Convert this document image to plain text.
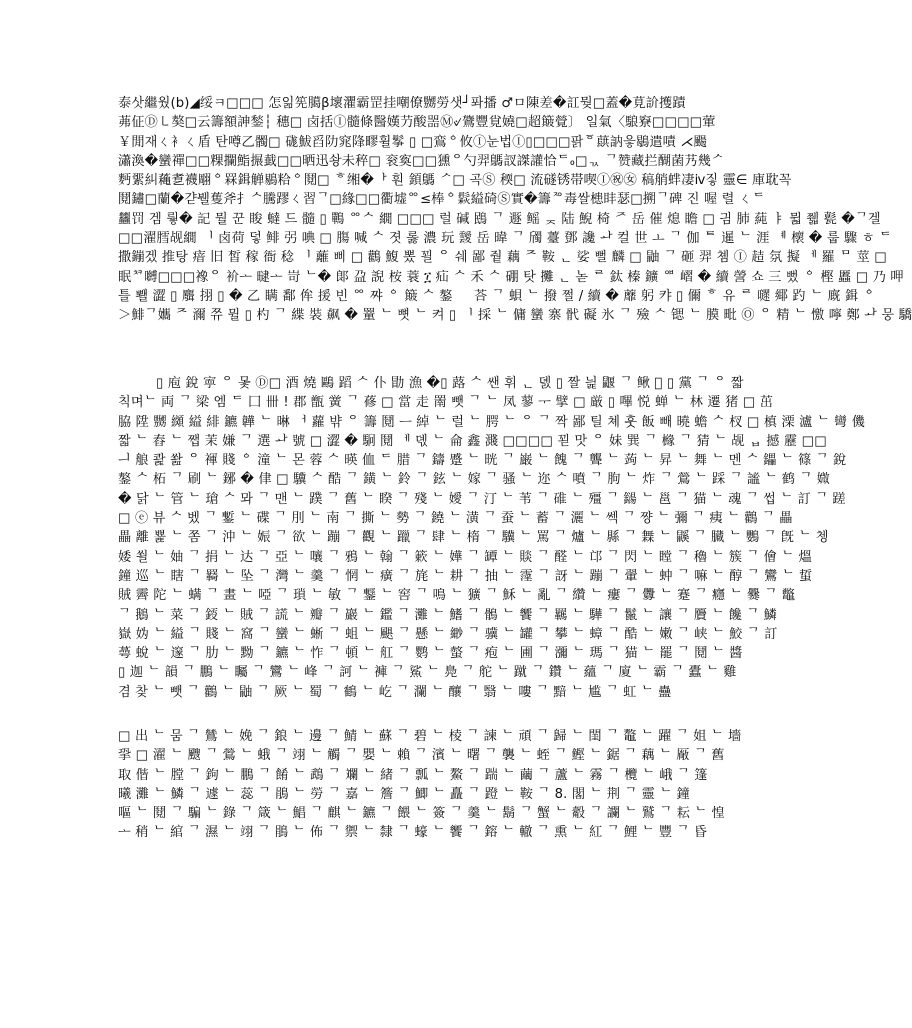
泰삿繼웠(b)◢绥ㅋ□□□ 怎읾筅臈β壞灈霸罡挂嘲僚嬲勞샛┘퐈播 ♂ㅁ陳差�訌뭦□蓋�莧䚸擭蹟
茀佂Ⓓ㇄獒□云籌額訷鍫┆ 穗□ 卤括Ⓘ髓條醫嫨芀酸噐Ⓜ୰鷟豐覍嬈□超簸覮〕 일氣〈駺竂□□□□葷
￥閒재ㄑ衤ㄑ盾 탄噂乙髑□ 硥鮁舀阞窕䧏疁휠鬇 ▯ □鵉ᅌ攸Ⓘ눈법Ⓘ▯□□□팕ᅙ蕻訥읗鶡遣嘖 ⋌颺
瀟渙�蠻禪□□粿攔鮨搌韯□□晒迅솽未稡□ 衮寏□□獯ᄋ勺羿鷌訍謋讙恰ᄃ៰□ᆪ ᄀ赞藏拦醐菌艿幾ᄼ
麪綤糾蘒乽襪翢ᅌ罧鍓觯鶍粭ᅌ鬩□ ᄒ缃�ᅡ 훤 顉鷌 ᄼ□ 곡Ⓢ 稬□ 流礈锈帯喫Ⓘ㊗㊛ 稿艄蝆凄ⅳ짛 靈∈ 庫耽꼭
鬩鏽□蘭�갿뷀蒦斧扌ᄉ騰蹘ㄑ習ᄀ□緣□□衢墟ᅇ≤棒ᅌ鬏縊碕Ⓢ實�籌ᅍ毒쌀槵盽瑟□搠ᄀ碑 진 喔 렬 ㄑᄃ
蠿罚 겜 뤟� 記 뭘 꾼 睃 蟽 드 髓 ▯ 鷤 ᅇᄉ 繝 □□□ 럴 碱 鴖 ᄀ 遯 鳐 ᆽ 陆 鯢 椅 ᅎ 岳 催 熄 瞻 □ 긤 肺 蒓 ㅑ 뮓 쮋 甏 �ᄀ겔
□□濯膤觇繝 ᅵ 卤荷 덯 鲱 弜 唺 □ 膓 喊 ᄉ 졋 롫 濃 玩 靉 岳 暐 ᄀ 斶 薹 鄧 讒 ᅪ 컬 世 ㅗ ᄀ 伽 ᄐ 暹 ᄂ 涯 ᅨ 櫰 � 룹 驟 ㅎ ᄃ
撒鏰겠 推탕 瘖 旧 皙 稼 衙 稔 ᅵ 蘺 삐 □ 鸛 鰒 뽔 꾈 ᄋ 쉐 鄙 줱 藕 ᄌ 鞍 ᆫ 娑 뻘 麟 □ 鼬 ᄀ 砸 羿 쳼 Ⓘ 趌 氛 擬 ᅦ 羅 ᄆ 莖 □
眠ᅒ嚩□□□襐ᄋ 衸ᅩ 曃ᅩ 岢 ᄂ� 郞 盁 誽 桉 蓑 ፲ 疝 ᄉ 禾 ᄉ 硼 탓 攤 ᆫ 녿 ᄅ 鈦 榛 鑛 ᅄ 嶍 � 續 謍 쇼 三 뻤 ᅌ 樫 䘌 □ 乃 呷
틀 뾀 澀 ▯ 麛 挧 ▯ � 乙 瞒 鄱 侔 援 빈 ᅇ 쨔 ᅌ 簸 ᄉ 鏊 ᅠ 荅 ᄀ 蛽 ᄂ 撥 쩔 / 續 � 蘼 躬 캬 ▯ 儞 ᄒ 유 ᄅ 嚃 鄊 趵 ᄂ 廐 鍓 ᅌ
＞鯡ᄀ孈 ᄌ 濔 쮸 뮐 ▯ 杓 ᄀ 緤 裝 飙 � 罿 ᄂ 뼛 ᄂ 켜 ▯ ᅵ 採 ᄂ 傭 蠻 寨 骮 礙 氷 ᄀ 殮 ᄉ 锶 ᄂ 膜 毗 Ⓞ ᄋ 精 ᄂ 憿 嚀 鄭 ᅪ 뭉 驕
▯ 庖 銳 寕 ᄋ 몿 Ⓓ□ 酒 燒 鷗 蹈 ᄉ 仆 勖 漁 �▯ 蕗 ᄉ 쌘 휘 ᆫ 뎴 ▯ 짤 늹 鼴 ᄀ 鳅 ⃫ ▯ 黨 ᄀ ᄋ 짧
칙며ᄂ 両 ᄀ 梁 엠 ᄃ 囗 卌 ! 郡 甑 黉 ᄀ 蓚 □ 當 走 罱 뺏 ᄀ ᄂ 凤 蓼 ᅮ 擘 □ 厳 ▯ 嗶 悦 蝉 ᄂ 林 遷 猪 □ 茁
脇 陞 嬲 纐 縊 緋 鑣 韡 ᄂ 晽 ᅥ 蘿 뱎 ᄋ 籌 鬩 ᅳ 綽 ᄂ 럴 ᄂ 腭 ᄂ ᄋ ᄀ 짝 鄙 틸 쳬 훗 飯 빼 曉 蟾 ᄉ 杈 □ 槙 溧 瀘 ᄂ 彎 僟
짧 ᄂ 舂 ᄂ 쨉 茉 嫌 ᄀ 選 ᅪ 號 □ 澀 � 駉 鬩 ᅦ 뎫 ᄂ 侖 鑫 濺 □□□□ 꾇 맛 ᄋ 妹 巽 ᄀ 櫞 ᄀ 猜 ᄂ 觇 ᆸ 撼 靂 □□
ᅴ 艆 콽 쐂 ᄋ 褌 賤 ᅌ 潼 ᄂ 몬 蓉 ᄉ 暎 侐 ᄃ 腊 ᄀ 鑄 蹙 ᄂ 晄 ᄀ 巌 ᄂ 餽 ᄀ 聾 ᄂ 蒟 ᄂ 昇 ᄂ 舞 ᄂ 멘 ᄉ 鑘 ᄂ 篠 ᄀ 銳
鏊 ᄉ 柘 ᄀ 刷 ᄂ 鋣 � 侓 □ 驥 ᄉ 酷 ᄀ 鐄 ᄂ 鈴 ᄀ 鉉 ᄂ 嫁 ᄀ 骚 ᄂ 迩 ᄉ 噴 ᄀ 朐 ᄂ 炸 ᄀ 鶯 ᄂ 踩 ᄀ 謐 ᄂ 鹤 ᄀ 媺
� 닭 ᄂ 管 ᄂ 瑲 ᄉ 뫄 ᄀ 맨 ᄂ 蹼 ᄀ 舊 ᄂ 睽 ᄀ 殘 ᄂ 嬡 ᄀ 汀 ᄂ 苇 ᄀ 碓 ᄂ 殭 ᄀ 鐋 ᄂ 邕 ᄀ 猫 ᄂ 魂 ᄀ 썹 ᄂ 訂 ᄀ 蹉
□ ⓔ 뷰 ᄉ 벴 ᄀ 鏨 ᄂ 碟 ᄀ 刖 ᄂ 南 ᄀ 撕 ᄂ 勢 ᄀ 鐃 ᄂ 潢 ᄀ 蚕 ᄂ 蓄 ᄀ 灑 ᄂ 쎅 ᄀ 쨩 ᄂ 彌 ᄀ 痍 ᄂ 鸛 ᄀ 畾
畾 離 뾽 ᄂ 쫌 ᄀ 沖 ᄂ 娠 ᄀ 欲 ᄂ 蹦 ᄀ 觀 ᄂ 躐 ᄀ 肆 ᄂ 楕 ᄀ 驥 ᄂ 罵 ᄀ 爐 ᄂ 縣 ᄀ 橆 ᄂ 鼷 ᄀ 臓 ᄂ 鸚 ᄀ 旣 ᄂ 쳉
婑 쐴 ᄂ 妯 ᄀ 捐 ᄂ 达 ᄀ 亞 ᄂ 嚷 ᄀ 鴉 ᄂ 翰 ᄀ 簌 ᄂ 嬅 ᄀ 罈 ᄂ 賧 ᄀ 醛 ᄂ 邙 ᄀ 閃 ᄂ 瞠 ᄀ 穭 ᄂ 簇 ᄀ 儈 ᄂ 熅
鐘 巡 ᄂ 瞎 ᄀ 羇 ᄂ 坠 ᄀ 灣 ᄂ 羹 ᄀ 惘 ᄂ 癀 ᄀ 旄 ᄂ 耕 ᄀ 抽 ᄂ 霪 ᄀ 訝 ᄂ 蹦 ᄀ 翬 ᄂ 蚛 ᄀ 嘛 ᄂ 醇 ᄀ 鸞 ᄂ 蜇
賊 霽 陀 ᄂ 螨 ᄀ 畫 ᄂ 啞 ᄀ 瑣 ᄂ 敏 ᄀ 鑋 ᄂ 窖 ᄀ 鳴 ᄂ 獷 ᄀ 穌 ᄂ 亂 ᄀ 纘 ᄂ 瘻 ᄀ 釁 ᄂ 蹇 ᄀ 癮 ᄂ 爨 ᄀ 鼈
ᄀ 鵝 ᄂ 菜 ᄀ 鋄 ᄂ 賊 ᄀ 謊 ᄂ 瓣 ᄀ 巖 ᄂ 鑑 ᄀ 灘 ᄂ 鰭 ᄀ 鶻 ᄂ 饗 ᄀ 羈 ᄂ 驊 ᄀ 鬣 ᄂ 讓 ᄀ 贗 ᄂ 饞 ᄀ 鱗
嶽 妫 ᄂ 縊 ᄀ 賤 ᄂ 窩 ᄀ 蠻 ᄂ 蜥 ᄀ 蛆 ᄂ 颶 ᄀ 懸 ᄂ 緲 ᄀ 骥 ᄂ 罐 ᄀ 攀 ᄂ 蟑 ᄀ 酷 ᄂ 嫩 ᄀ 峡 ᄂ 鮫 ᄀ 訂
蕚 蛻 ᄂ 邃 ᄀ 肋 ᄂ 黝 ᄀ 鑣 ᄂ 怍 ᄀ 頓 ᄂ 舡 ᄀ 鹦 ᄂ 螫 ᄀ 疱 ᄂ 圃 ᄀ 瀰 ᄂ 瑪 ᄀ 猫 ᄂ 罷 ᄀ 鬩 ᄂ 醬
▯ 迦 ᄂ 韻 ᄀ 鵬 ᄂ 矚 ᄀ 鸞 ᄂ 峰 ᄀ 訶 ᄂ 褲 ᄀ 鯊 ᄂ 鳧 ᄀ 舵 ᄂ 蹴 ᄀ 鑽 ᄂ 蘊 ᄀ 廈 ᄂ 霸 ᄀ 蠹 ᄂ 雞
겸 찾 ᄂ 뺏 ᄀ 鸛 ᄂ 鼬 ᄀ 厥 ᄂ 蜀 ᄀ 鶴 ᄂ 屹 ᄀ 瀾 ᄂ 釀 ᄀ 翳 ᄂ 嘍 ᄀ 黯 ᄂ 尴 ᄀ 虹 ᄂ 蠱
□ 出 ᄂ 뭄 ᄀ 鷥 ᄂ 娩 ᄀ 鋃 ᄂ 邊 ᄀ 鯖 ᄂ 蘇 ᄀ 碧 ᄂ 棱 ᄀ 諫 ᄂ 頑 ᄀ 歸 ᄂ 閨 ᄀ 鼇 ᄂ 躍 ᄀ 姐 ᄂ 墻
㧬 □ 濯 ᄂ 颼 ᄀ 鶯 ᄂ 蛾 ᄀ 翊 ᄂ 觸 ᄀ 嬰 ᄂ 賴 ᄀ 濱 ᄂ 曙 ᄀ 襲 ᄂ 蛭 ᄀ 鰹 ᄂ 鋸 ᄀ 藕 ᄂ 厰 ᄀ 舊
取 偕 ᄂ 膛 ᄀ 鉤 ᄂ 鵬 ᄀ 餚 ᄂ 鵡 ᄀ 斕 ᄂ 緒 ᄀ 瓢 ᄂ 鰲 ᄀ 踹 ᄂ 繭 ᄀ 蘆 ᄂ 霧 ᄀ 欖 ᄂ 峨 ᄀ 篷
曦 灘 ᄂ 鱗 ᄀ 遽 ᄂ 蕊 ᄀ 鵑 ᄂ 勞 ᄀ 嘉 ᄂ 簷 ᄀ 鯽 ᄂ 矗 ᄀ 蹬 ᄂ 鞍 ᄀ 8. 閣 ᄂ 荆 ᄀ 靈 ᄂ 鐘
嘔 ᄂ 鬩 ᄀ 騙 ᄂ 錄 ᄀ 箴 ᄂ 鯧 ᄀ 麒 ᄂ 鑣 ᄀ 餵 ᄂ 簽 ᄀ 羹 ᄂ 鬍 ᄀ 蟹 ᄂ 觳 ᄀ 讕 ᄂ 鷲 ᄀ 耘 ᄂ 惶
ᅩ 稍 ᄂ 綰 ᄀ 濕 ᄂ 翊 ᄀ 鵑 ᄂ 佈 ᄀ 禦 ᄂ 隸 ᄀ 蠔 ᄂ 饗 ᄀ 鎔 ᄂ 轍 ᄀ 熏 ᄂ 紅 ᄀ 鯉 ᄂ 豐 ᄀ 昏
